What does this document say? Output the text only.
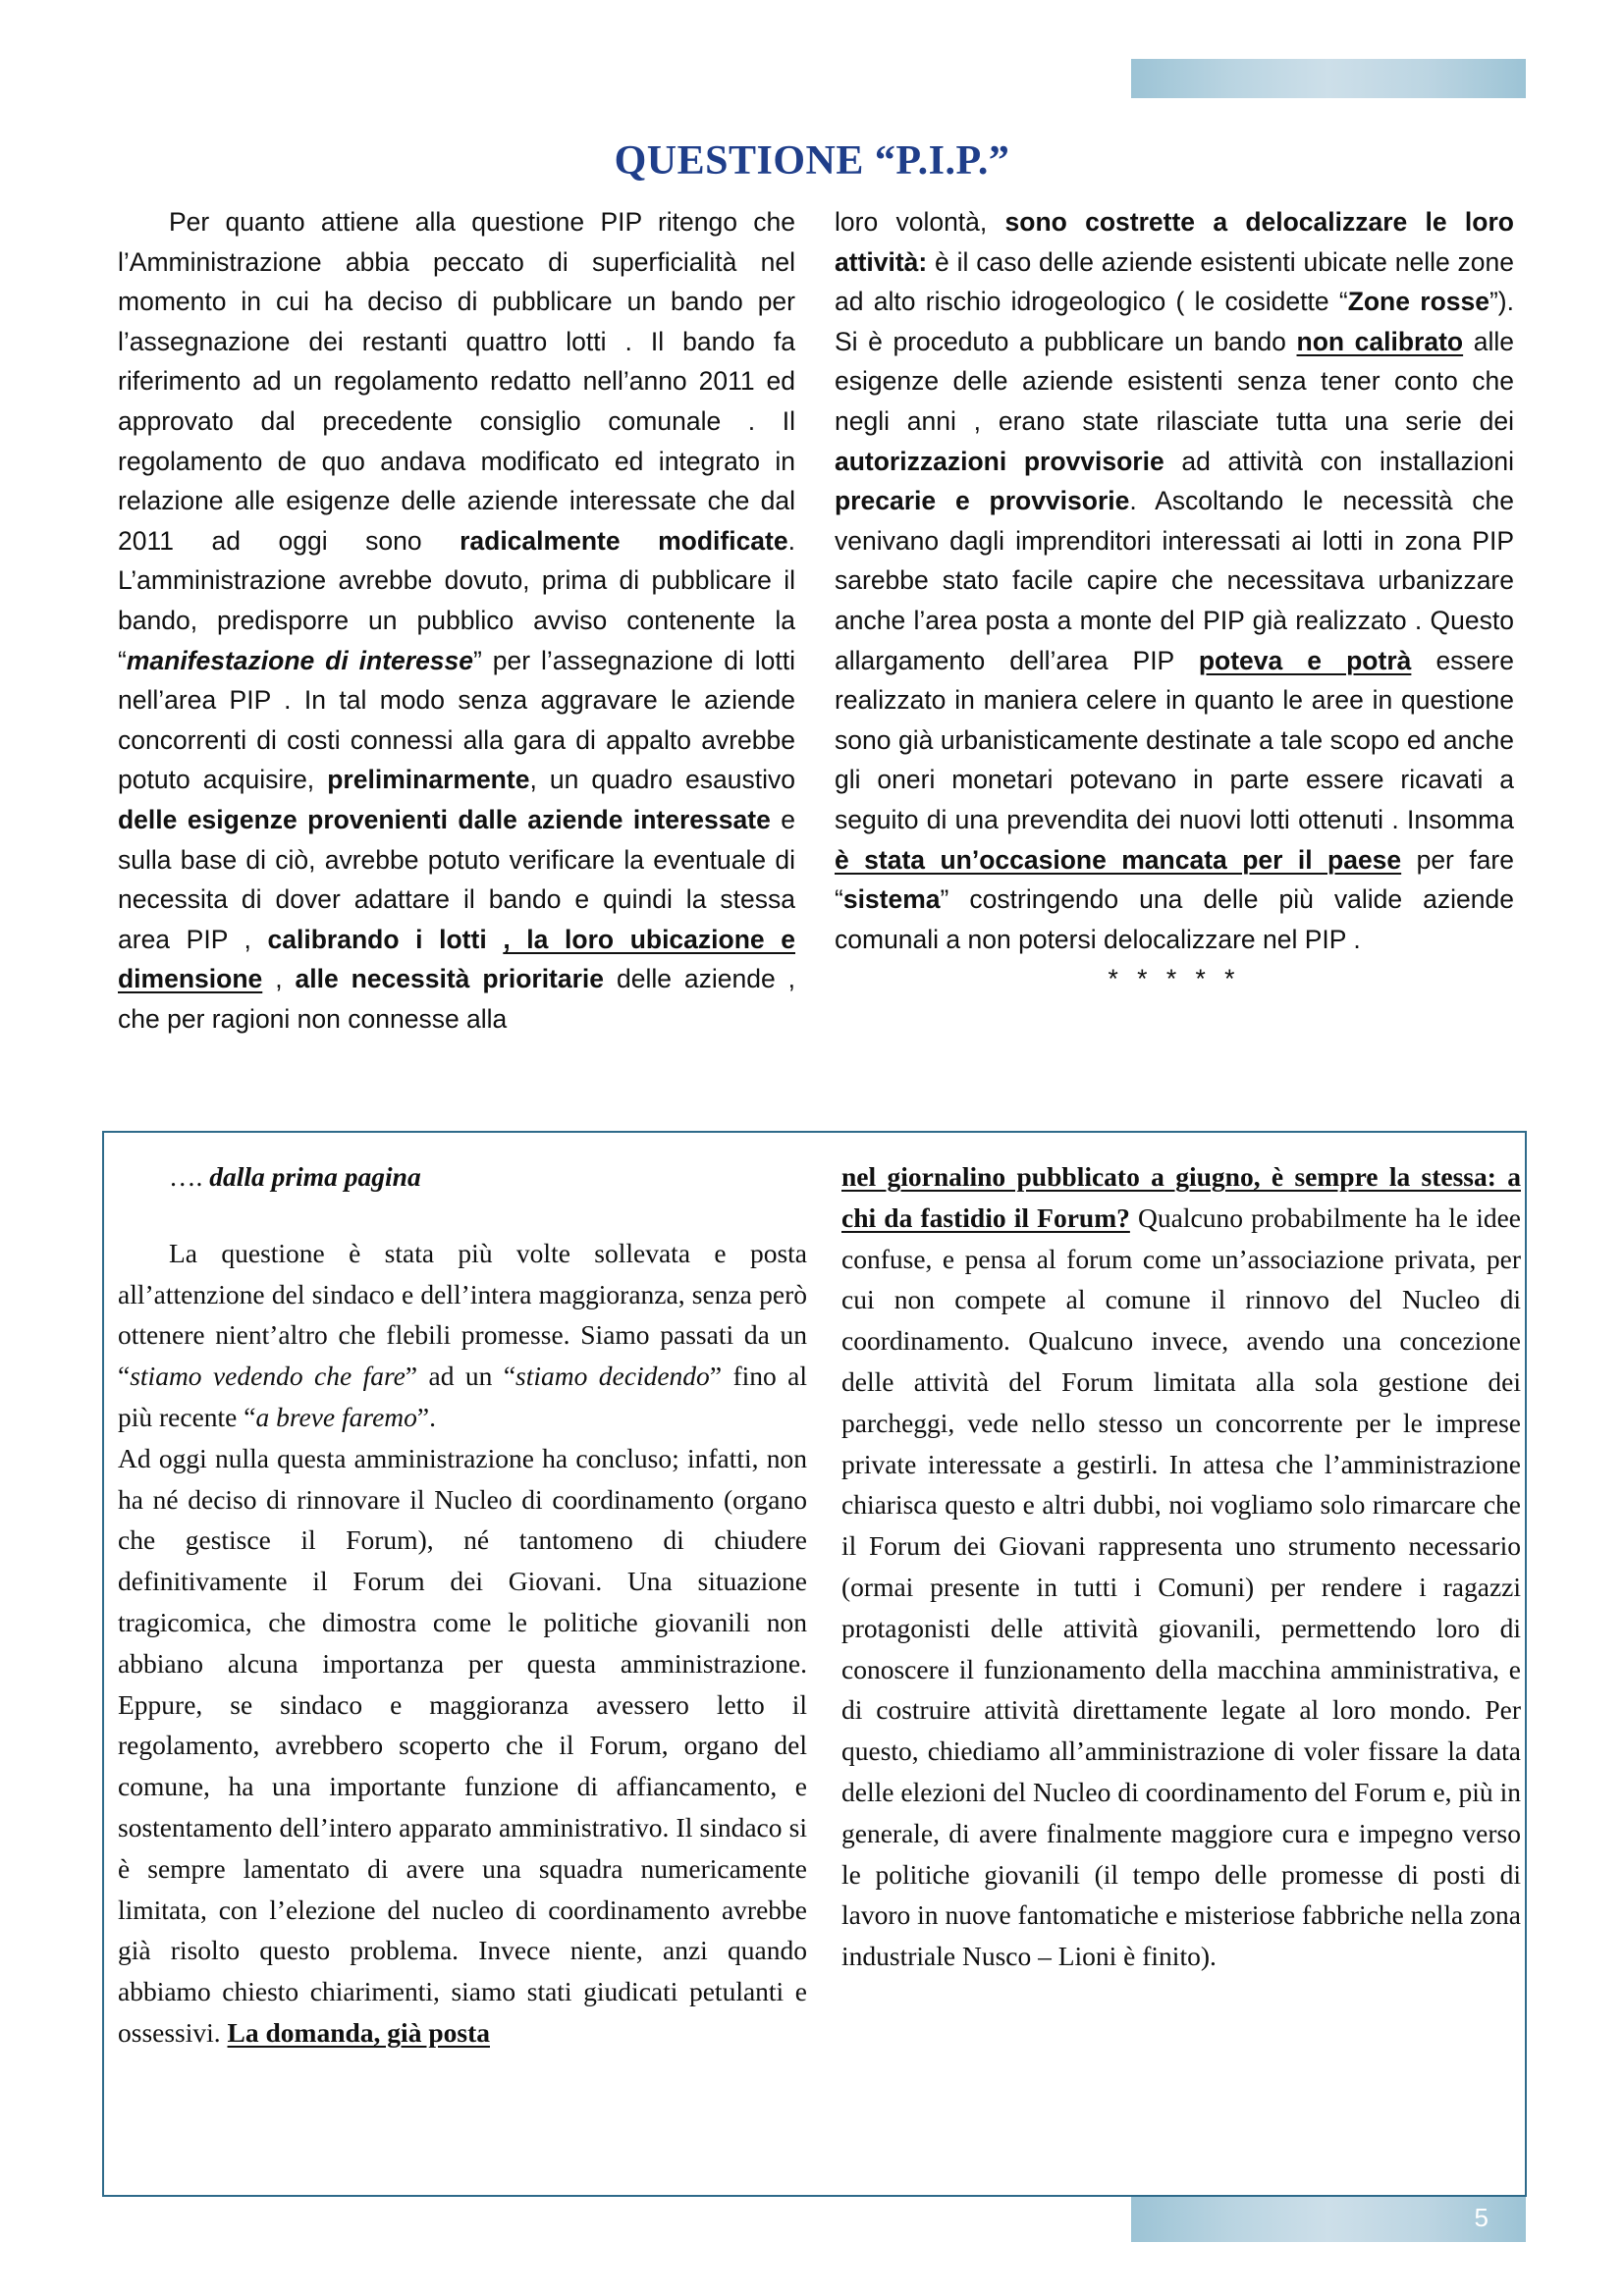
QUESTIONE “P.I.P.”

Per quanto attiene alla questione PIP ritengo che l’Amministrazione abbia peccato di superficialità nel momento in cui ha deciso di pubblicare un bando per l’assegnazione dei restanti quattro lotti . Il bando fa riferimento ad un regolamento redatto nell’anno 2011 ed approvato dal precedente consiglio comunale . Il regolamento de quo andava modificato ed integrato in relazione alle esigenze delle aziende interessate che dal 2011 ad oggi sono radicalmente modificate. L’amministrazione avrebbe dovuto, prima di pubblicare il bando, predisporre un pubblico avviso contenente la “manifestazione di interesse” per l’assegnazione di lotti nell’area PIP . In tal modo senza aggravare le aziende concorrenti di costi connessi alla gara di appalto avrebbe potuto acquisire, preliminarmente, un quadro esaustivo delle esigenze provenienti dalle aziende interessate e sulla base di ciò, avrebbe potuto verificare la eventuale di necessita di dover adattare il bando e quindi la stessa area PIP , calibrando i lotti , la loro ubicazione e dimensione , alle necessità prioritarie delle aziende , che per ragioni non connesse alla

loro volontà, sono costrette a delocalizzare le loro attività: è il caso delle aziende esistenti ubicate nelle zone ad alto rischio idrogeologico ( le cosidette “Zone rosse”). Si è proceduto a pubblicare un bando non calibrato alle esigenze delle aziende esistenti senza tener conto che negli anni , erano state rilasciate tutta una serie dei autorizzazioni provvisorie ad attività con installazioni precarie e provvisorie. Ascoltando le necessità che venivano dagli imprenditori interessati ai lotti in zona PIP sarebbe stato facile capire che necessitava urbanizzare anche l’area posta a monte del PIP già realizzato . Questo allargamento dell’area PIP poteva e potrà essere realizzato in maniera celere in quanto le aree in questione sono già urbanisticamente destinate a tale scopo ed anche gli oneri monetari potevano in parte essere ricavati a seguito di una prevendita dei nuovi lotti ottenuti . Insomma è stata un’occasione mancata per il paese per fare “sistema” costringendo una delle più valide aziende comunali a non potersi delocalizzare nel PIP .

* * * * *

…. dalla prima pagina

La questione è stata più volte sollevata e posta all’attenzione del sindaco e dell’intera maggioranza, senza però ottenere nient’altro che flebili promesse. Siamo passati da un “stiamo vedendo che fare” ad un “stiamo decidendo” fino al più recente “a breve faremo”.

Ad oggi nulla questa amministrazione ha concluso; infatti, non ha né deciso di rinnovare il Nucleo di coordinamento (organo che gestisce il Forum), né tantomeno di chiudere definitivamente il Forum dei Giovani. Una situazione tragicomica, che dimostra come le politiche giovanili non abbiano alcuna importanza per questa amministrazione. Eppure, se sindaco e maggioranza avessero letto il regolamento, avrebbero scoperto che il Forum, organo del comune, ha una importante funzione di affiancamento, e sostentamento dell’intero apparato amministrativo. Il sindaco si è sempre lamentato di avere una squadra numericamente limitata, con l’elezione del nucleo di coordinamento avrebbe già risolto questo problema. Invece niente, anzi quando abbiamo chiesto chiarimenti, siamo stati giudicati petulanti e ossessivi. La domanda, già posta

nel giornalino pubblicato a giugno, è sempre la stessa: a chi da fastidio il Forum? Qualcuno probabilmente ha le idee confuse, e pensa al forum come un’associazione privata, per cui non compete al comune il rinnovo del Nucleo di coordinamento. Qualcuno invece, avendo una concezione delle attività del Forum limitata alla sola gestione dei parcheggi, vede nello stesso un concorrente per le imprese private interessate a gestirli. In attesa che l’amministrazione chiarisca questo e altri dubbi, noi vogliamo solo rimarcare che il Forum dei Giovani rappresenta uno strumento necessario (ormai presente in tutti i Comuni) per rendere i ragazzi protagonisti delle attività giovanili, permettendo loro di conoscere il funzionamento della macchina amministrativa, e di costruire attività direttamente legate al loro mondo. Per questo, chiediamo all’amministrazione di voler fissare la data delle elezioni del Nucleo di coordinamento del Forum e, più in generale, di avere finalmente maggiore cura e impegno verso le politiche giovanili (il tempo delle promesse di posti di lavoro in nuove fantomatiche e misteriose fabbriche nella zona industriale Nusco – Lioni è finito).

5
